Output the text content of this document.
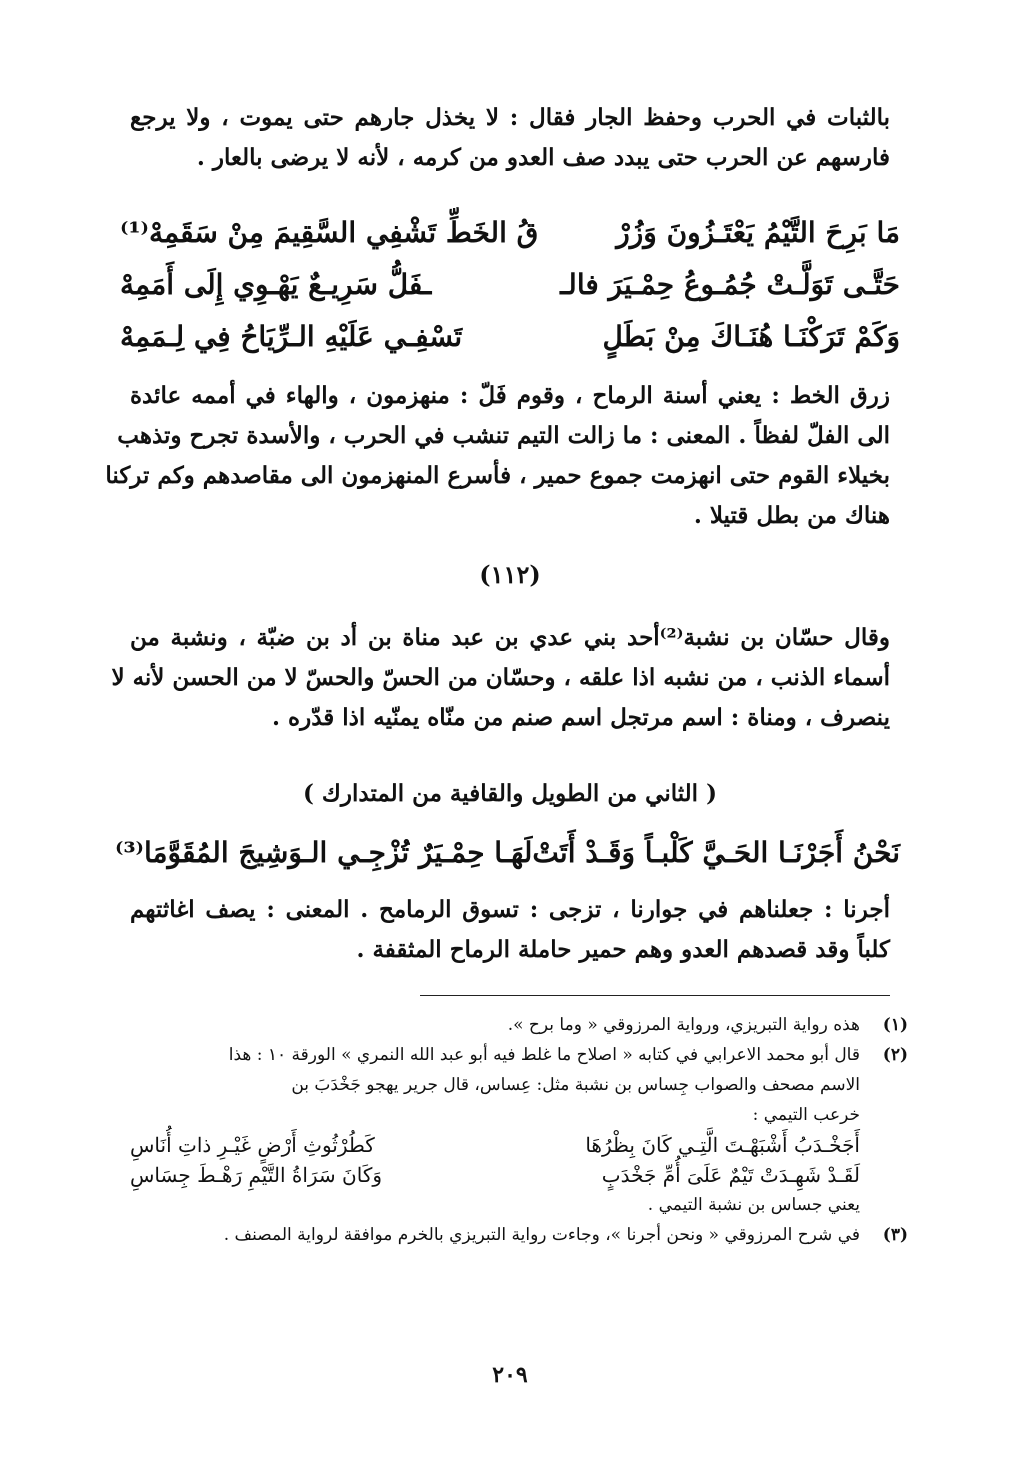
بالثبات في الحرب وحفظ الجار فقال : لا يخذل جارهم حتى يموت ، ولا يرجع
فارسهم عن الحرب حتى يبدد صف العدو من كرمه ، لأنه لا يرضى بالعار .
مَا بَرِحَ التَّيْمُ يَعْتَـزُونَ وَزُرْ
قُ الخَطِّ تَشْفِي السَّقِيمَ مِنْ سَقَمِهْ⁽¹⁾
حَتَّـى تَوَلَّـتْ جُمُـوعُ حِمْـيَرَ فالـ
ـفَلُّ سَرِيـعٌ يَهْـوِي إِلَى أَمَمِهْ
وَكَمْ تَرَكْنَـا هُنَـاكَ مِنْ بَطَلٍ
تَسْفِـي عَلَيْهِ الـرِّيَاحُ فِي لِـمَمِهْ
زرق الخط : يعني أسنة الرماح ، وقوم فَلّ : منهزمون ، والهاء في أممه عائدة
الى الفلّ لفظاً . المعنى : ما زالت التيم تنشب في الحرب ، والأسدة تجرح وتذهب
بخيلاء القوم حتى انهزمت جموع حمير ، فأسرع المنهزمون الى مقاصدهم وكم تركنا
هناك من بطل قتيلا .
(١١٢)
وقال حسّان بن نشبة⁽²⁾أحد بني عدي بن عبد مناة بن أد بن ضبّة ، ونشبة من
أسماء الذنب ، من نشبه اذا علقه ، وحسّان من الحسّ والحسّ لا من الحسن لأنه لا
ينصرف ، ومناة : اسم مرتجل اسم صنم من منّاه يمنّيه اذا قدّره .
( الثاني من الطويل والقافية من المتدارك )
نَحْنُ أَجَرْنَـا الحَـيَّ كَلْبـاً وَقَـدْ أَتَتْ
لَهَـا حِمْـيَرٌ تُزْجِـي الـوَشِيجَ المُقَوَّمَا⁽³⁾
أجرنا : جعلناهم في جوارنا ، تزجى : تسوق الرمامح . المعنى : يصف اغاثتهم
كلباً وقد قصدهم العدو وهم حمير حاملة الرماح المثقفة .
(١)
هذه رواية التبريزي، ورواية المرزوقي « وما برح ».
(٢)
قال أبو محمد الاعرابي في كتابه « اصلاح ما غلط فيه أبو عبد الله النمري » الورقة ١٠ : هذا
الاسم مصحف والصواب جِساس بن نشبة مثل: عِساس، قال جرير يهجو جَخْدَبَ بن
خرعب التيمي :
أَجَخْـدَبُ أَشْبَهْـتَ الَّتِـي كَانَ بِظْرُهَا
كَطُرْثُوثِ أَرْضٍ غَيْـرِ ذاتِ أُنَاسِ
لَقَـدْ شَهِـدَتْ تَيْمٌ عَلَىَ أُمِّ جَخْدَبٍ
وَكَانَ سَرَاةُ التَّيْمِ رَهْـطَ جِسَاسِ
يعني جساس بن نشبة التيمي .
(٣)
في شرح المرزوقي « ونحن أجرنا »، وجاءت رواية التبريزي بالخرم موافقة لرواية المصنف .
٢٠٩
